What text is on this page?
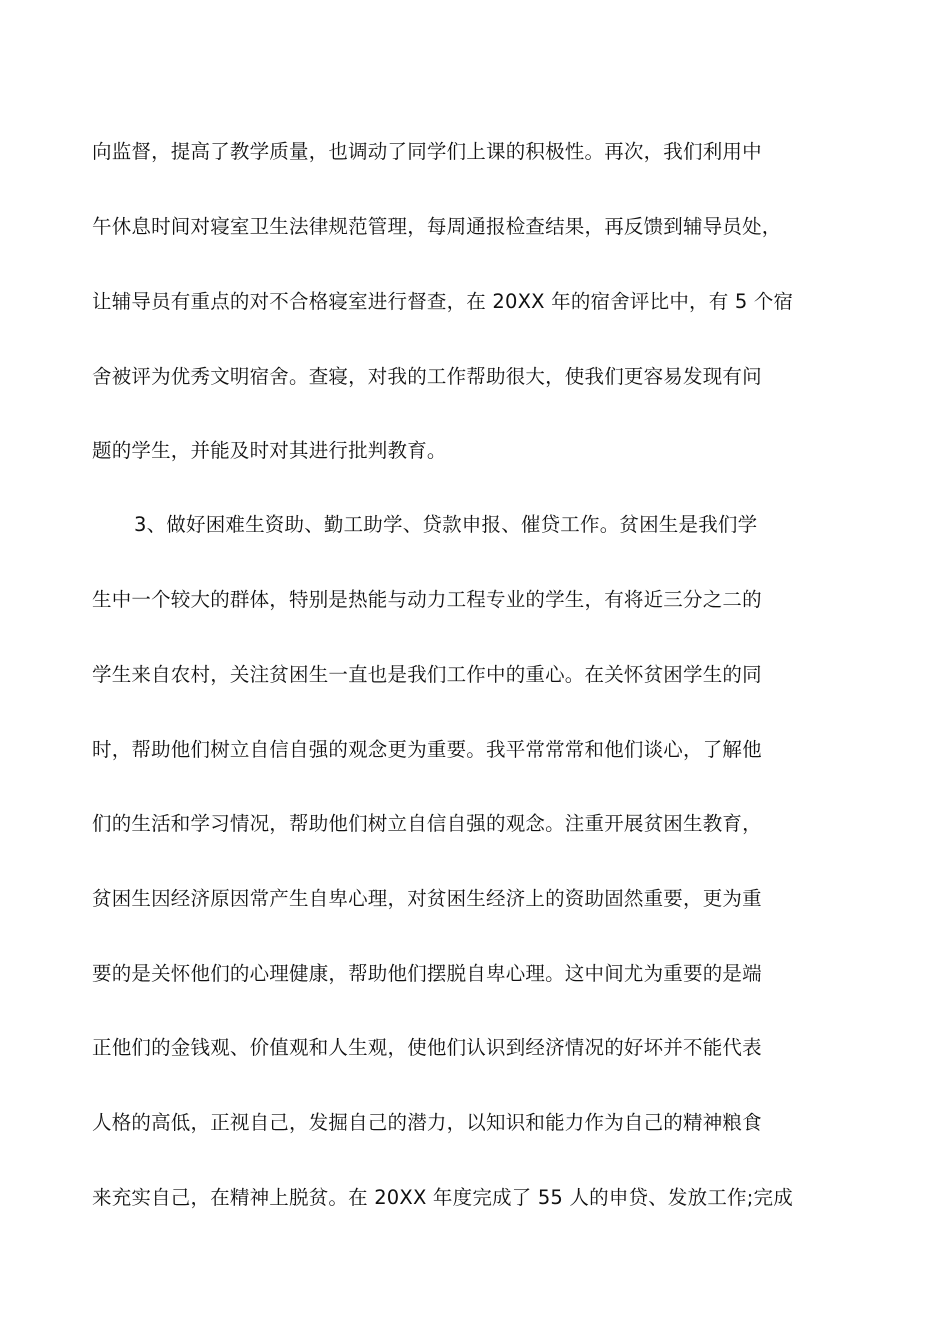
向监督，提高了教学质量，也调动了同学们上课的积极性。再次，我们利用中
午休息时间对寝室卫生法律规范管理，每周通报检查结果，再反馈到辅导员处，
让辅导员有重点的对不合格寝室进行督查，在 20XX 年的宿舍评比中，有 5 个宿
舍被评为优秀文明宿舍。查寝，对我的工作帮助很大，使我们更容易发现有问
题的学生，并能及时对其进行批判教育。
3、做好困难生资助、勤工助学、贷款申报、催贷工作。贫困生是我们学
生中一个较大的群体，特别是热能与动力工程专业的学生，有将近三分之二的
学生来自农村，关注贫困生一直也是我们工作中的重心。在关怀贫困学生的同
时，帮助他们树立自信自强的观念更为重要。我平常常常和他们谈心，了解他
们的生活和学习情况，帮助他们树立自信自强的观念。注重开展贫困生教育，
贫困生因经济原因常产生自卑心理，对贫困生经济上的资助固然重要，更为重
要的是关怀他们的心理健康，帮助他们摆脱自卑心理。这中间尤为重要的是端
正他们的金钱观、价值观和人生观，使他们认识到经济情况的好坏并不能代表
人格的高低，正视自己，发掘自己的潜力，以知识和能力作为自己的精神粮食
来充实自己，在精神上脱贫。在 20XX 年度完成了 55 人的申贷、发放工作;完成
